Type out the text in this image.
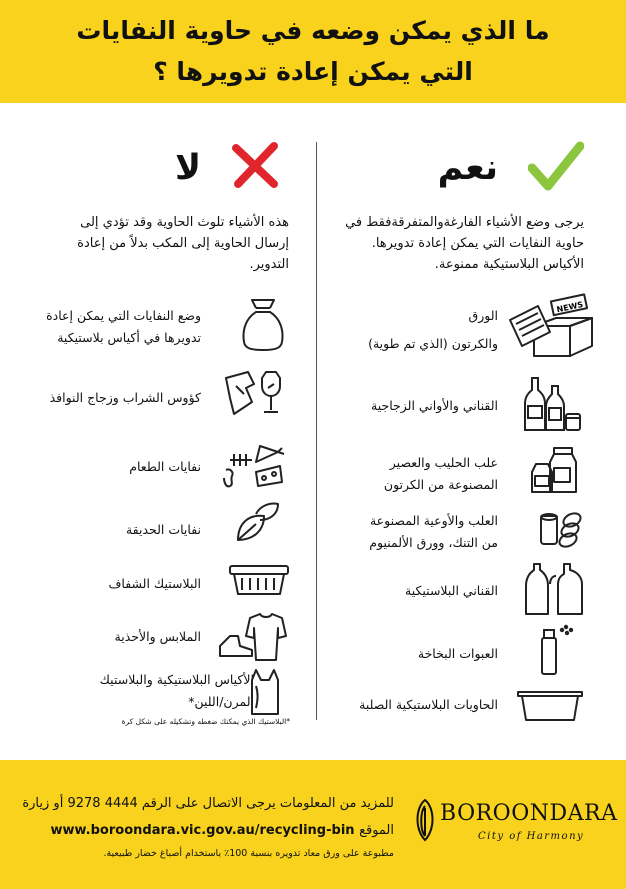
ما الذي يمكن وضعه في حاوية النفايات
التي يمكن إعادة تدويرها ؟
نعم
يرجى وضع الأشياء الفارغةوالمتفرقةفقط في
حاوية النفايات التي يمكن إعادة تدويرها.
الأكياس البلاستيكية ممنوعة.
الورق
والكرتون (الذي تم طوية)
NEWS
القناني والأواني الزجاجية
علب الحليب والعصير
المصنوعة من الكرتون
العلب والأوعية المصنوعة
من التنك، وورق الألمنيوم
القناني البلاستيكية
العبوات البخاخة
الحاويات البلاستيكية الصلبة
لا
هذه الأشياء تلوث الحاوية وقد تؤدي إلى
إرسال الحاوية إلى المكب بدلاً من إعادة
التدوير.
وضع النفايات التي يمكن إعادة
تدويرها في أكياس بلاستيكية
كؤوس الشراب وزجاج النوافذ
نفايات الطعام
نفايات الحديقة
البلاستيك الشفاف
الملابس والأحذية
الأكياس البلاستيكية والبلاستيك
المرن/اللين*
*البلاستيك الذي يمكنك ضغطه وتشكيله على شكل كرة
للمزيد من المعلومات يرجى الاتصال على الرقم 4444 9278 أو زيارة
www.boroondara.vic.gov.au/recycling-bin الموقع
مطبوعة على ورق معاد تدويره بنسبة 100٪ باستخدام أصباغ خضار طبيعية.
BOROONDARA
City of Harmony
